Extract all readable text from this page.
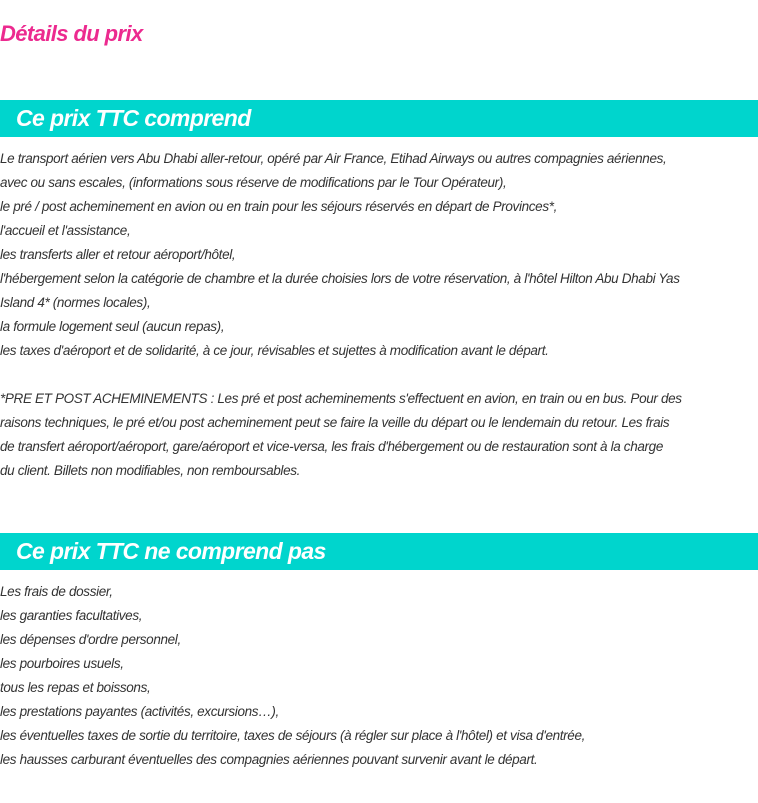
Détails du prix
Ce prix TTC comprend
Le transport aérien vers Abu Dhabi aller-retour, opéré par Air France, Etihad Airways ou autres compagnies aériennes,
avec ou sans escales, (informations sous réserve de modifications par le Tour Opérateur),
le pré / post acheminement en avion ou en train pour les séjours réservés en départ de Provinces*,
l'accueil et l'assistance,
les transferts aller et retour aéroport/hôtel,
l'hébergement selon la catégorie de chambre et la durée choisies lors de votre réservation, à l'hôtel Hilton Abu Dhabi Yas
Island 4* (normes locales),
la formule logement seul (aucun repas),
les taxes d'aéroport et de solidarité, à ce jour, révisables et sujettes à modification avant le départ.
*PRE ET POST ACHEMINEMENTS : Les pré et post acheminements s'effectuent en avion, en train ou en bus. Pour des
raisons techniques, le pré et/ou post acheminement peut se faire la veille du départ ou le lendemain du retour. Les frais
de transfert aéroport/aéroport, gare/aéroport et vice-versa, les frais d'hébergement ou de restauration sont à la charge
du client. Billets non modifiables, non remboursables.
Ce prix TTC ne comprend pas
Les frais de dossier,
les garanties facultatives,
les dépenses d'ordre personnel,
les pourboires usuels,
tous les repas et boissons,
les prestations payantes (activités, excursions…),
les éventuelles taxes de sortie du territoire, taxes de séjours (à régler sur place à l'hôtel) et visa d'entrée,
les hausses carburant éventuelles des compagnies aériennes pouvant survenir avant le départ.
